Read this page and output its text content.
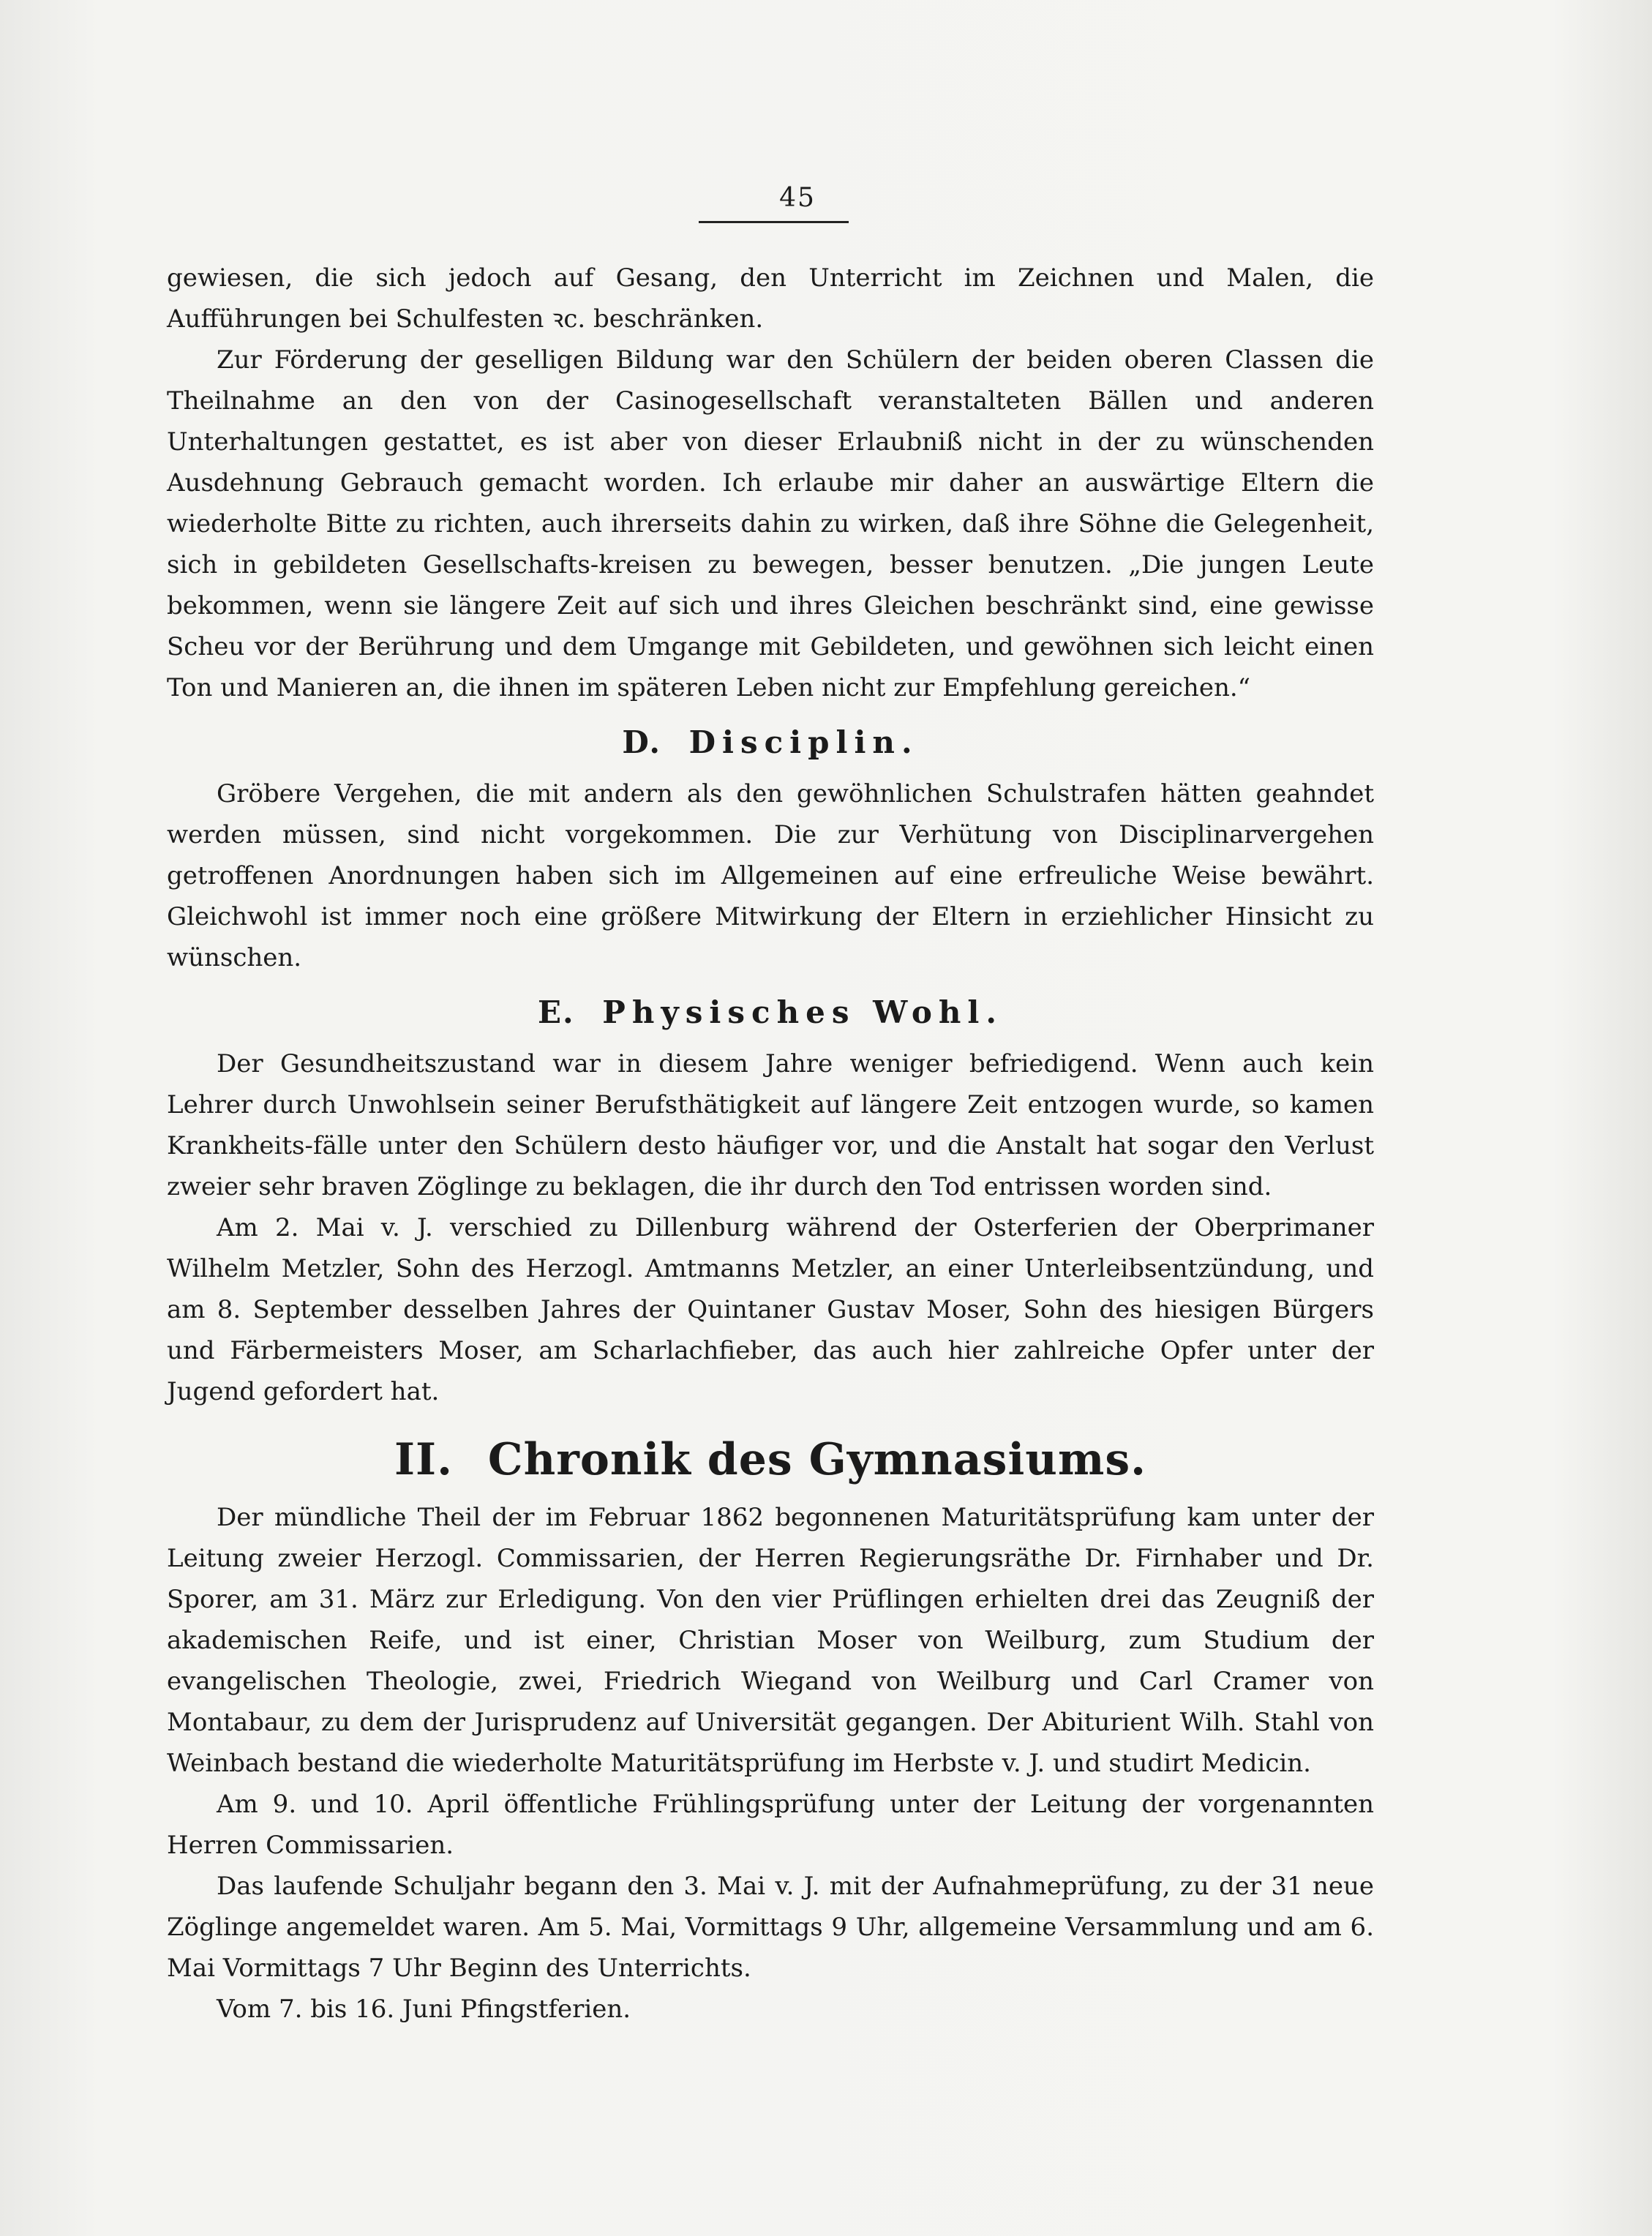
45

gewiesen, die sich jedoch auf Gesang, den Unterricht im Zeichnen und Malen, die Aufführungen bei Schulfesten ꝛc. beschränken.

Zur Förderung der geselligen Bildung war den Schülern der beiden oberen Classen die Theilnahme an den von der Casinogesellschaft veranstalteten Bällen und anderen Unterhaltungen gestattet, es ist aber von dieser Erlaubniß nicht in der zu wünschenden Ausdehnung Gebrauch gemacht worden. Ich erlaube mir daher an auswärtige Eltern die wiederholte Bitte zu richten, auch ihrerseits dahin zu wirken, daß ihre Söhne die Gelegenheit, sich in gebildeten Gesellschafts-kreisen zu bewegen, besser benutzen. „Die jungen Leute bekommen, wenn sie längere Zeit auf sich und ihres Gleichen beschränkt sind, eine gewisse Scheu vor der Berührung und dem Umgange mit Gebildeten, und gewöhnen sich leicht einen Ton und Manieren an, die ihnen im späteren Leben nicht zur Empfehlung gereichen.“

D. Disciplin.

Gröbere Vergehen, die mit andern als den gewöhnlichen Schulstrafen hätten geahndet werden müssen, sind nicht vorgekommen. Die zur Verhütung von Disciplinarvergehen getroffenen Anordnungen haben sich im Allgemeinen auf eine erfreuliche Weise bewährt. Gleichwohl ist immer noch eine größere Mitwirkung der Eltern in erziehlicher Hinsicht zu wünschen.

E. Physisches Wohl.

Der Gesundheitszustand war in diesem Jahre weniger befriedigend. Wenn auch kein Lehrer durch Unwohlsein seiner Berufsthätigkeit auf längere Zeit entzogen wurde, so kamen Krankheits-fälle unter den Schülern desto häufiger vor, und die Anstalt hat sogar den Verlust zweier sehr braven Zöglinge zu beklagen, die ihr durch den Tod entrissen worden sind.

Am 2. Mai v. J. verschied zu Dillenburg während der Osterferien der Oberprimaner Wilhelm Metzler, Sohn des Herzogl. Amtmanns Metzler, an einer Unterleibsentzündung, und am 8. September desselben Jahres der Quintaner Gustav Moser, Sohn des hiesigen Bürgers und Färbermeisters Moser, am Scharlachfieber, das auch hier zahlreiche Opfer unter der Jugend gefordert hat.

II. Chronik des Gymnasiums.

Der mündliche Theil der im Februar 1862 begonnenen Maturitätsprüfung kam unter der Leitung zweier Herzogl. Commissarien, der Herren Regierungsräthe Dr. Firnhaber und Dr. Sporer, am 31. März zur Erledigung. Von den vier Prüflingen erhielten drei das Zeugniß der akademischen Reife, und ist einer, Christian Moser von Weilburg, zum Studium der evangelischen Theologie, zwei, Friedrich Wiegand von Weilburg und Carl Cramer von Montabaur, zu dem der Jurisprudenz auf Universität gegangen. Der Abiturient Wilh. Stahl von Weinbach bestand die wiederholte Maturitätsprüfung im Herbste v. J. und studirt Medicin.

Am 9. und 10. April öffentliche Frühlingsprüfung unter der Leitung der vorgenannten Herren Commissarien.

Das laufende Schuljahr begann den 3. Mai v. J. mit der Aufnahmeprüfung, zu der 31 neue Zöglinge angemeldet waren. Am 5. Mai, Vormittags 9 Uhr, allgemeine Versammlung und am 6. Mai Vormittags 7 Uhr Beginn des Unterrichts.

Vom 7. bis 16. Juni Pfingstferien.
